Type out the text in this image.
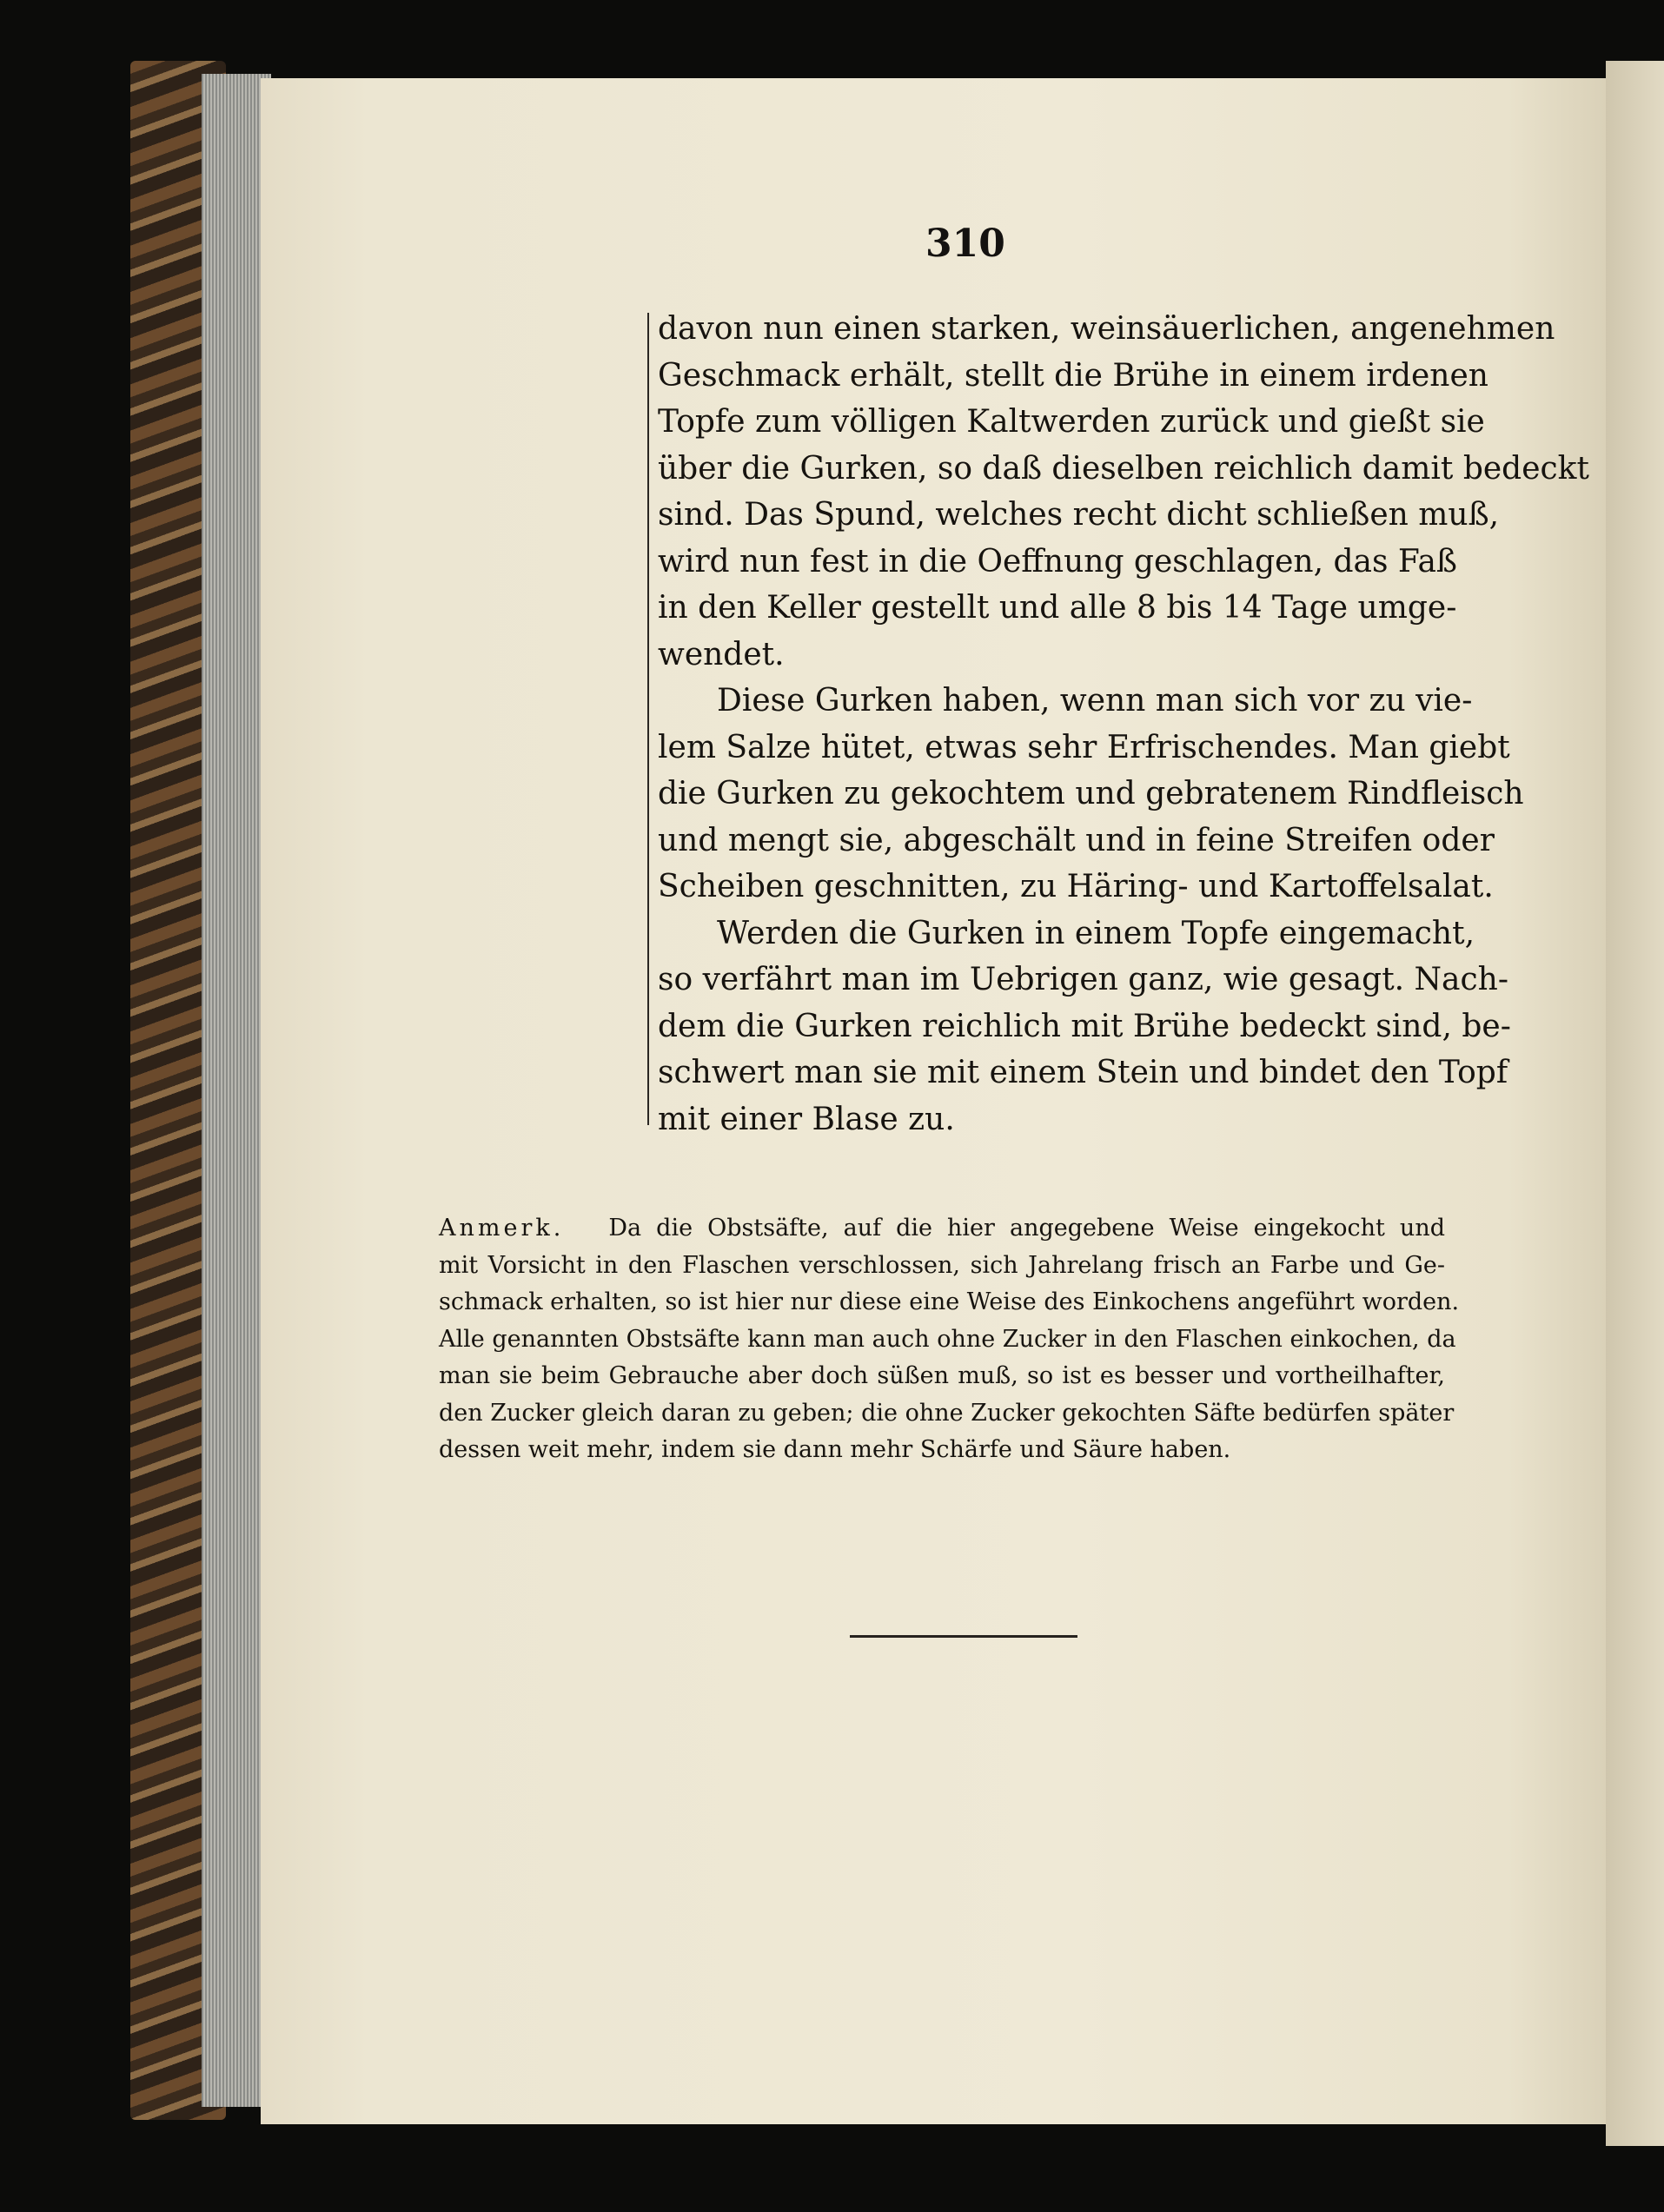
310
davon nun einen starken, weinsäuerlichen, angenehmen
Geschmack erhält, stellt die Brühe in einem irdenen
Topfe zum völligen Kaltwerden zurück und gießt sie
über die Gurken, so daß dieselben reichlich damit bedeckt
sind. Das Spund, welches recht dicht schließen muß,
wird nun fest in die Oeffnung geschlagen, das Faß
in den Keller gestellt und alle 8 bis 14 Tage umge-
wendet.
Diese Gurken haben, wenn man sich vor zu vie-
lem Salze hütet, etwas sehr Erfrischendes. Man giebt
die Gurken zu gekochtem und gebratenem Rindfleisch
und mengt sie, abgeschält und in feine Streifen oder
Scheiben geschnitten, zu Häring- und Kartoffelsalat.
Werden die Gurken in einem Topfe eingemacht,
so verfährt man im Uebrigen ganz, wie gesagt. Nach-
dem die Gurken reichlich mit Brühe bedeckt sind, be-
schwert man sie mit einem Stein und bindet den Topf
mit einer Blase zu.
Anmerk. Da die Obstsäfte, auf die hier angegebene Weise eingekocht und
mit Vorsicht in den Flaschen verschlossen, sich Jahrelang frisch an Farbe und Ge-
schmack erhalten, so ist hier nur diese eine Weise des Einkochens angeführt worden.
Alle genannten Obstsäfte kann man auch ohne Zucker in den Flaschen einkochen, da
man sie beim Gebrauche aber doch süßen muß, so ist es besser und vortheilhafter,
den Zucker gleich daran zu geben; die ohne Zucker gekochten Säfte bedürfen später
dessen weit mehr, indem sie dann mehr Schärfe und Säure haben.
